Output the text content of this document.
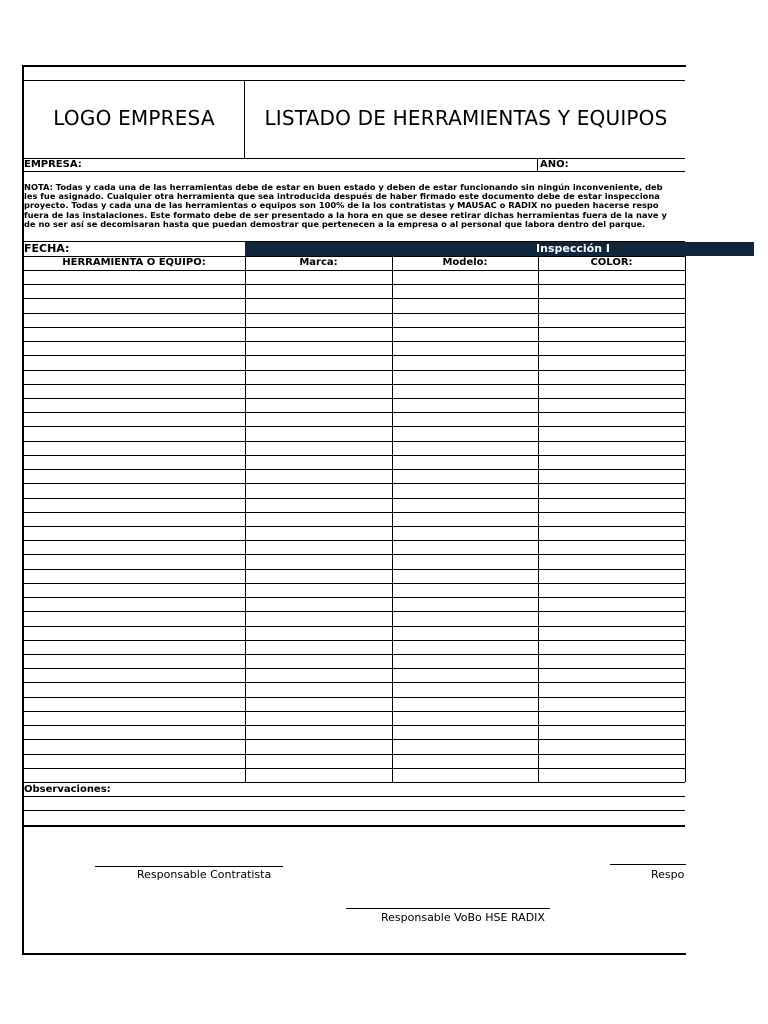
LOGO EMPRESA	LISTADO DE HERRAMIENTAS Y EQUIPOS
EMPRESA:	AÑO:
NOTA: Todas y cada una de las herramientas debe de estar en buen estado y deben de estar funcionando sin ningún inconveniente, deb
les fue asignado. Cualquier otra herramienta que sea introducida después de haber firmado este documento debe de estar inspecciona
proyecto. Todas y cada una de las herramientas o equipos son 100% de la los contratistas y MAUSAC o RADIX no pueden hacerse respo
fuera de las instalaciones. Este formato debe de ser presentado a la hora en que se desee retirar dichas herramientas fuera de la nave y
de no ser así se decomisaran hasta que puedan demostrar que pertenecen a la empresa o al personal que labora dentro del parque.
FECHA:	Inspección I
HERRAMIENTA O EQUIPO:	Marca:	Modelo:	COLOR:
Observaciones:
Responsable Contratista	Respo
Responsable VoBo HSE RADIX
